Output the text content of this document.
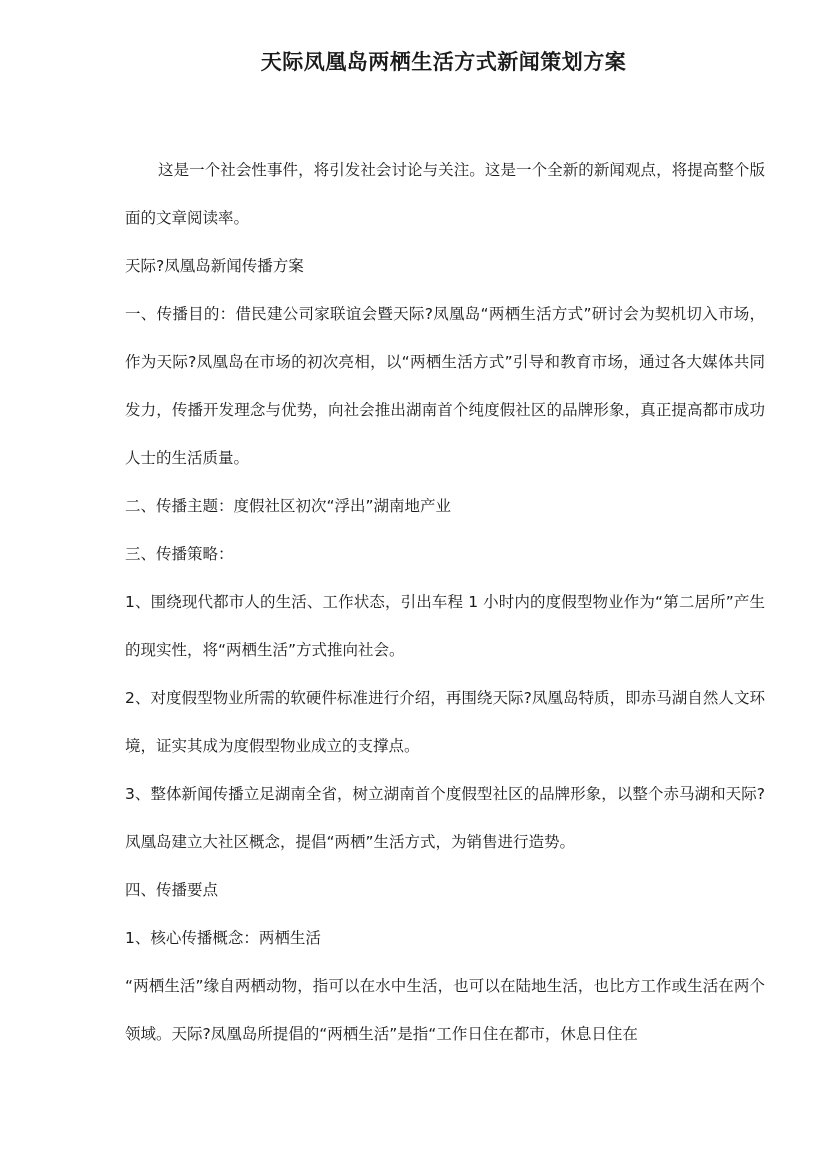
天际凤凰岛两栖生活方式新闻策划方案

这是一个社会性事件，将引发社会讨论与关注。这是一个全新的新闻观点，将提高整个版面的文章阅读率。

天际?凤凰岛新闻传播方案

一、传播目的：借民建公司家联谊会暨天际?凤凰岛“两栖生活方式”研讨会为契机切入市场，作为天际?凤凰岛在市场的初次亮相，以“两栖生活方式”引导和教育市场，通过各大媒体共同发力，传播开发理念与优势，向社会推出湖南首个纯度假社区的品牌形象，真正提高都市成功人士的生活质量。

二、传播主题：度假社区初次“浮出”湖南地产业

三、传播策略：

1、围绕现代都市人的生活、工作状态，引出车程 1 小时内的度假型物业作为“第二居所”产生的现实性，将“两栖生活”方式推向社会。

2、对度假型物业所需的软硬件标准进行介绍，再围绕天际?凤凰岛特质，即赤马湖自然人文环境，证实其成为度假型物业成立的支撑点。

3、整体新闻传播立足湖南全省，树立湖南首个度假型社区的品牌形象，以整个赤马湖和天际?凤凰岛建立大社区概念，提倡“两栖”生活方式，为销售进行造势。

四、传播要点

1、核心传播概念：两栖生活

“两栖生活”缘自两栖动物，指可以在水中生活，也可以在陆地生活，也比方工作或生活在两个领域。天际?凤凰岛所提倡的“两栖生活”是指“工作日住在都市，休息日住在
